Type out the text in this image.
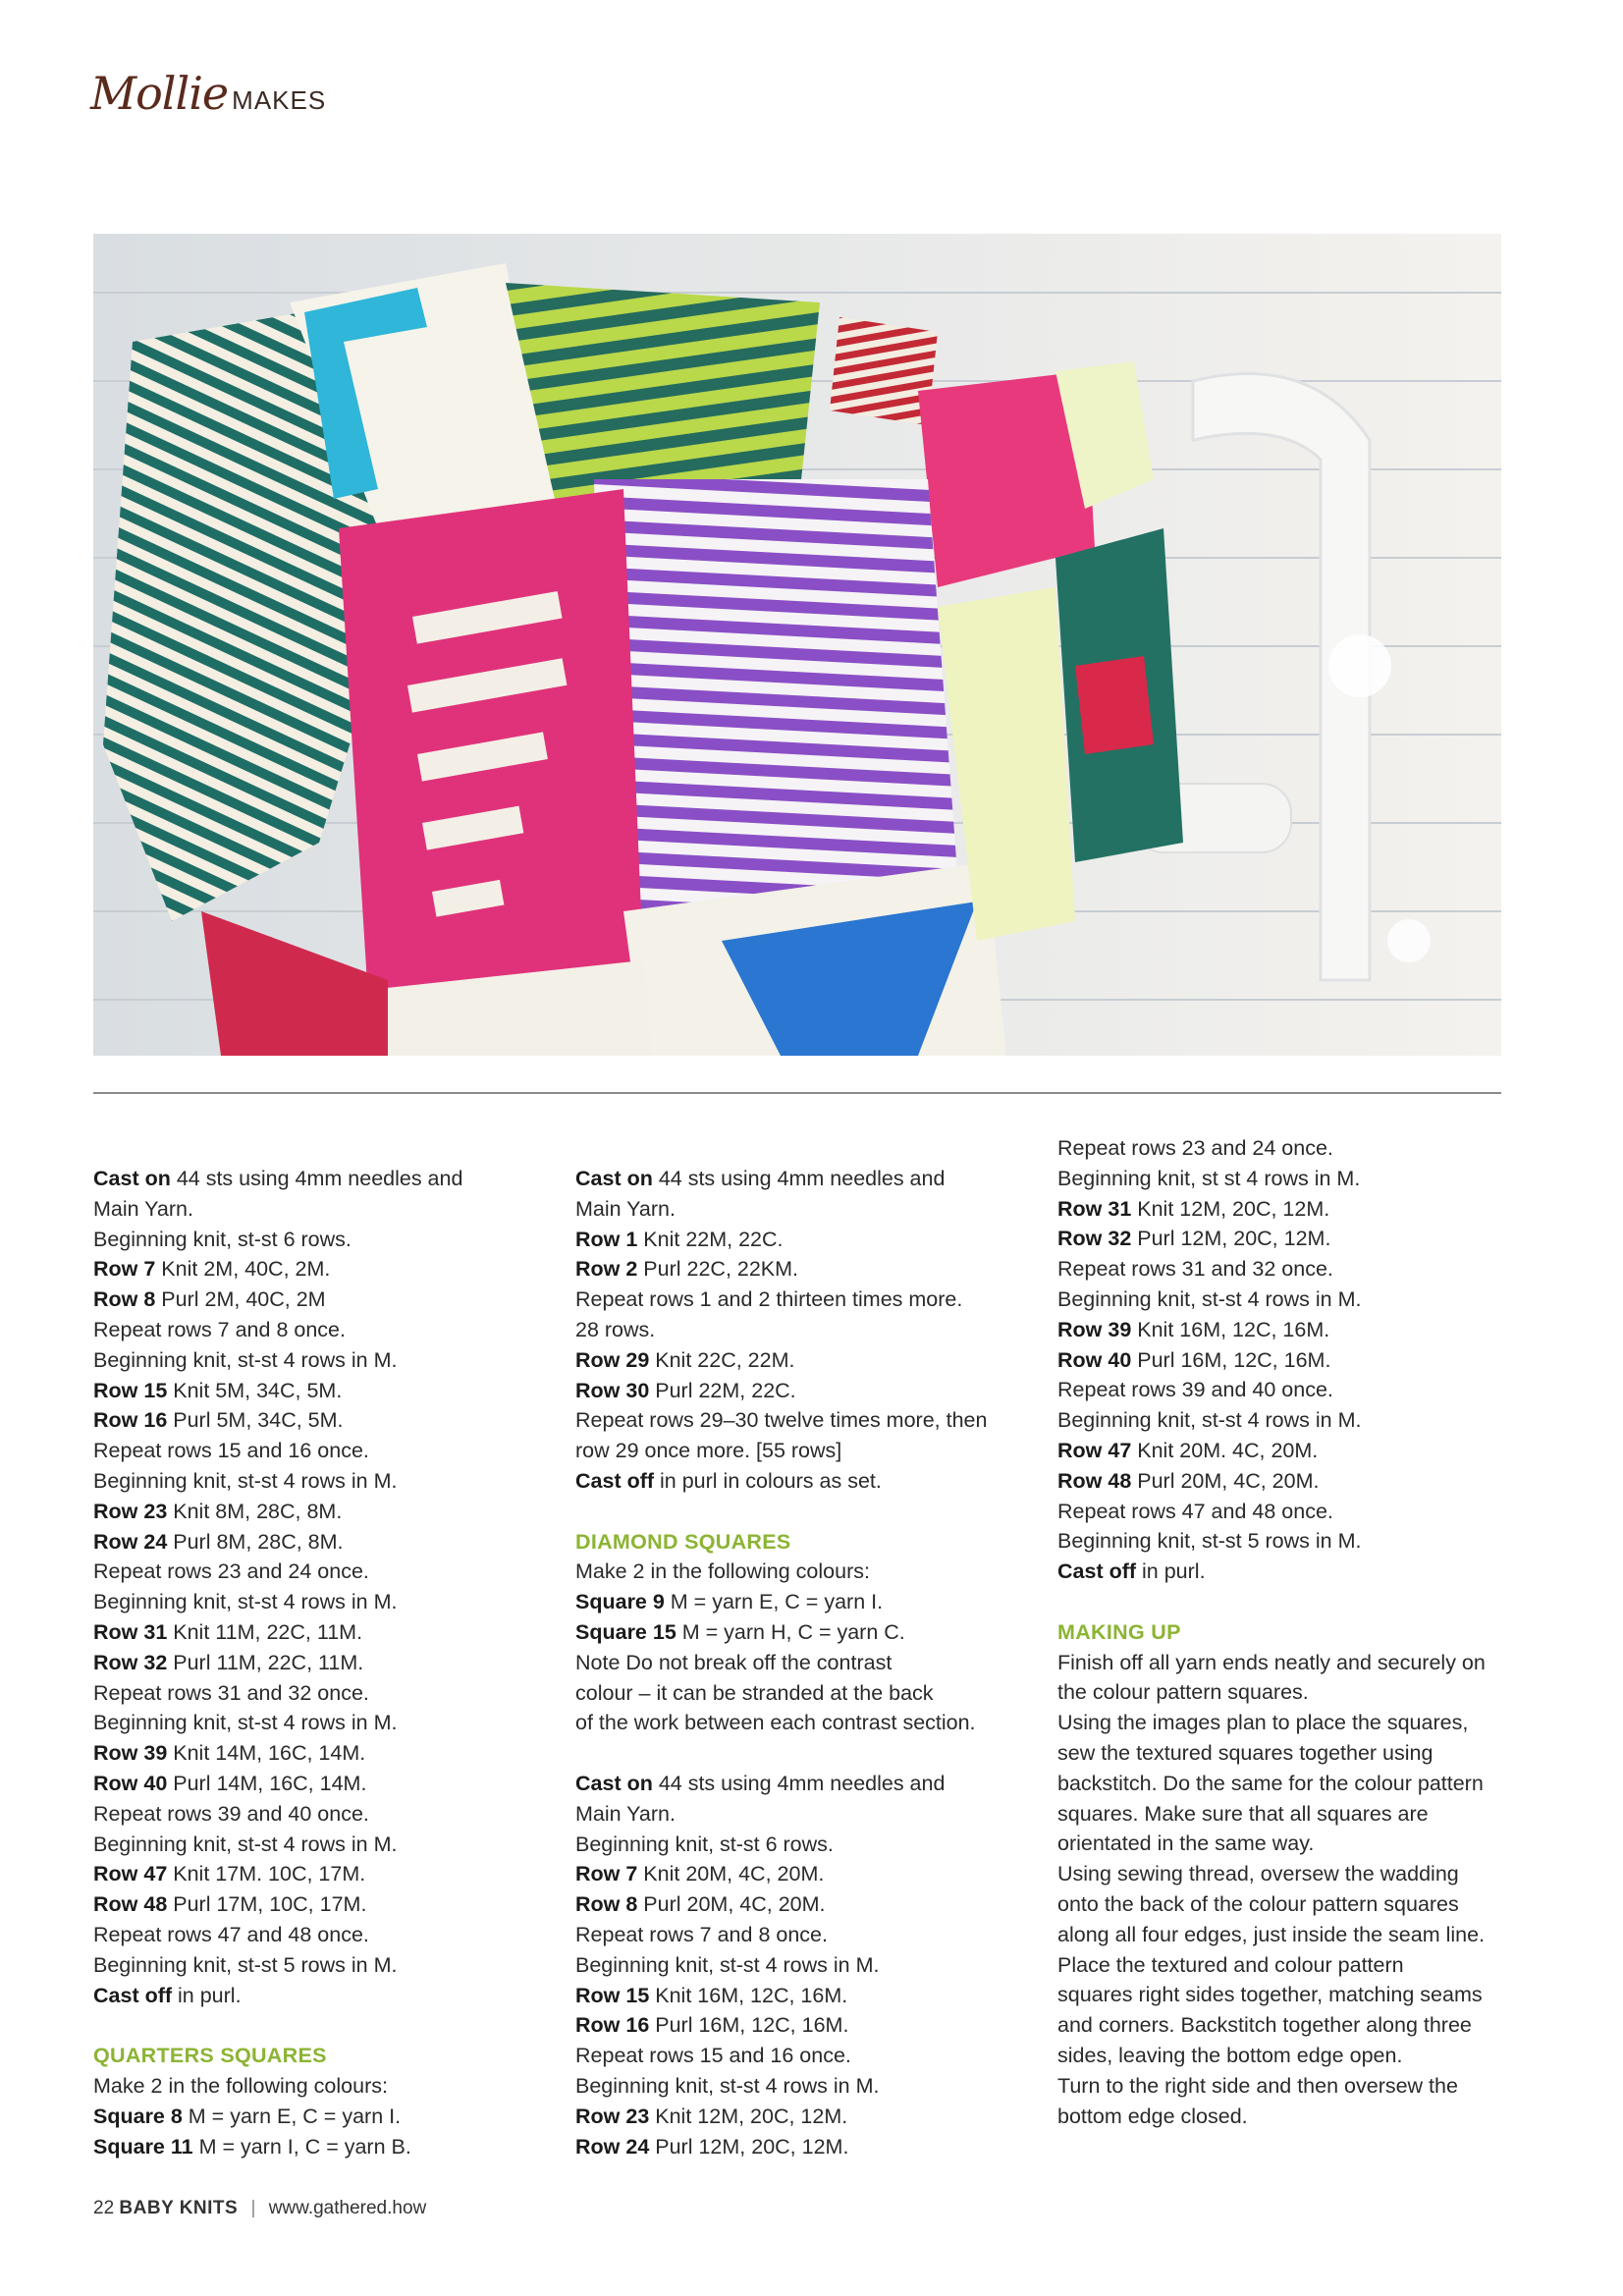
Mollie MAKES

Cast on 44 sts using 4mm needles and

Main Yarn.

Beginning knit, st-st 6 rows.

Row 7 Knit 2M, 40C, 2M.

Row 8 Purl 2M, 40C, 2M

Repeat rows 7 and 8 once.

Beginning knit, st-st 4 rows in M.

Row 15 Knit 5M, 34C, 5M.

Row 16 Purl 5M, 34C, 5M.

Repeat rows 15 and 16 once.

Beginning knit, st-st 4 rows in M.

Row 23 Knit 8M, 28C, 8M.

Row 24 Purl 8M, 28C, 8M.

Repeat rows 23 and 24 once.

Beginning knit, st-st 4 rows in M.

Row 31 Knit 11M, 22C, 11M.

Row 32 Purl 11M, 22C, 11M.

Repeat rows 31 and 32 once.

Beginning knit, st-st 4 rows in M.

Row 39 Knit 14M, 16C, 14M.

Row 40 Purl 14M, 16C, 14M.

Repeat rows 39 and 40 once.

Beginning knit, st-st 4 rows in M.

Row 47 Knit 17M. 10C, 17M.

Row 48 Purl 17M, 10C, 17M.

Repeat rows 47 and 48 once.

Beginning knit, st-st 5 rows in M.

Cast off in purl.

QUARTERS SQUARES

Make 2 in the following colours:

Square 8 M = yarn E, C = yarn I.

Square 11 M = yarn I, C = yarn B.

Cast on 44 sts using 4mm needles and

Main Yarn.

Row 1 Knit 22M, 22C.

Row 2 Purl 22C, 22KM.

Repeat rows 1 and 2 thirteen times more.

28 rows.

Row 29 Knit 22C, 22M.

Row 30 Purl 22M, 22C.

Repeat rows 29–30 twelve times more, then

row 29 once more. [55 rows]

Cast off in purl in colours as set.

DIAMOND SQUARES

Make 2 in the following colours:

Square 9 M = yarn E, C = yarn I.

Square 15 M = yarn H, C = yarn C.

Note Do not break off the contrast

colour – it can be stranded at the back

of the work between each contrast section.

Cast on 44 sts using 4mm needles and

Main Yarn.

Beginning knit, st-st 6 rows.

Row 7 Knit 20M, 4C, 20M.

Row 8 Purl 20M, 4C, 20M.

Repeat rows 7 and 8 once.

Beginning knit, st-st 4 rows in M.

Row 15 Knit 16M, 12C, 16M.

Row 16 Purl 16M, 12C, 16M.

Repeat rows 15 and 16 once.

Beginning knit, st-st 4 rows in M.

Row 23 Knit 12M, 20C, 12M.

Row 24 Purl 12M, 20C, 12M.

Repeat rows 23 and 24 once.

Beginning knit, st st 4 rows in M.

Row 31 Knit 12M, 20C, 12M.

Row 32 Purl 12M, 20C, 12M.

Repeat rows 31 and 32 once.

Beginning knit, st-st 4 rows in M.

Row 39 Knit 16M, 12C, 16M.

Row 40 Purl 16M, 12C, 16M.

Repeat rows 39 and 40 once.

Beginning knit, st-st 4 rows in M.

Row 47 Knit 20M. 4C, 20M.

Row 48 Purl 20M, 4C, 20M.

Repeat rows 47 and 48 once.

Beginning knit, st-st 5 rows in M.

Cast off in purl.

MAKING UP

Finish off all yarn ends neatly and securely on

the colour pattern squares.

Using the images plan to place the squares,

sew the textured squares together using

backstitch. Do the same for the colour pattern

squares. Make sure that all squares are

orientated in the same way.

Using sewing thread, oversew the wadding

onto the back of the colour pattern squares

along all four edges, just inside the seam line.

Place the textured and colour pattern

squares right sides together, matching seams

and corners. Backstitch together along three

sides, leaving the bottom edge open.

Turn to the right side and then oversew the

bottom edge closed.

22 BABY KNITS | www.gathered.how
